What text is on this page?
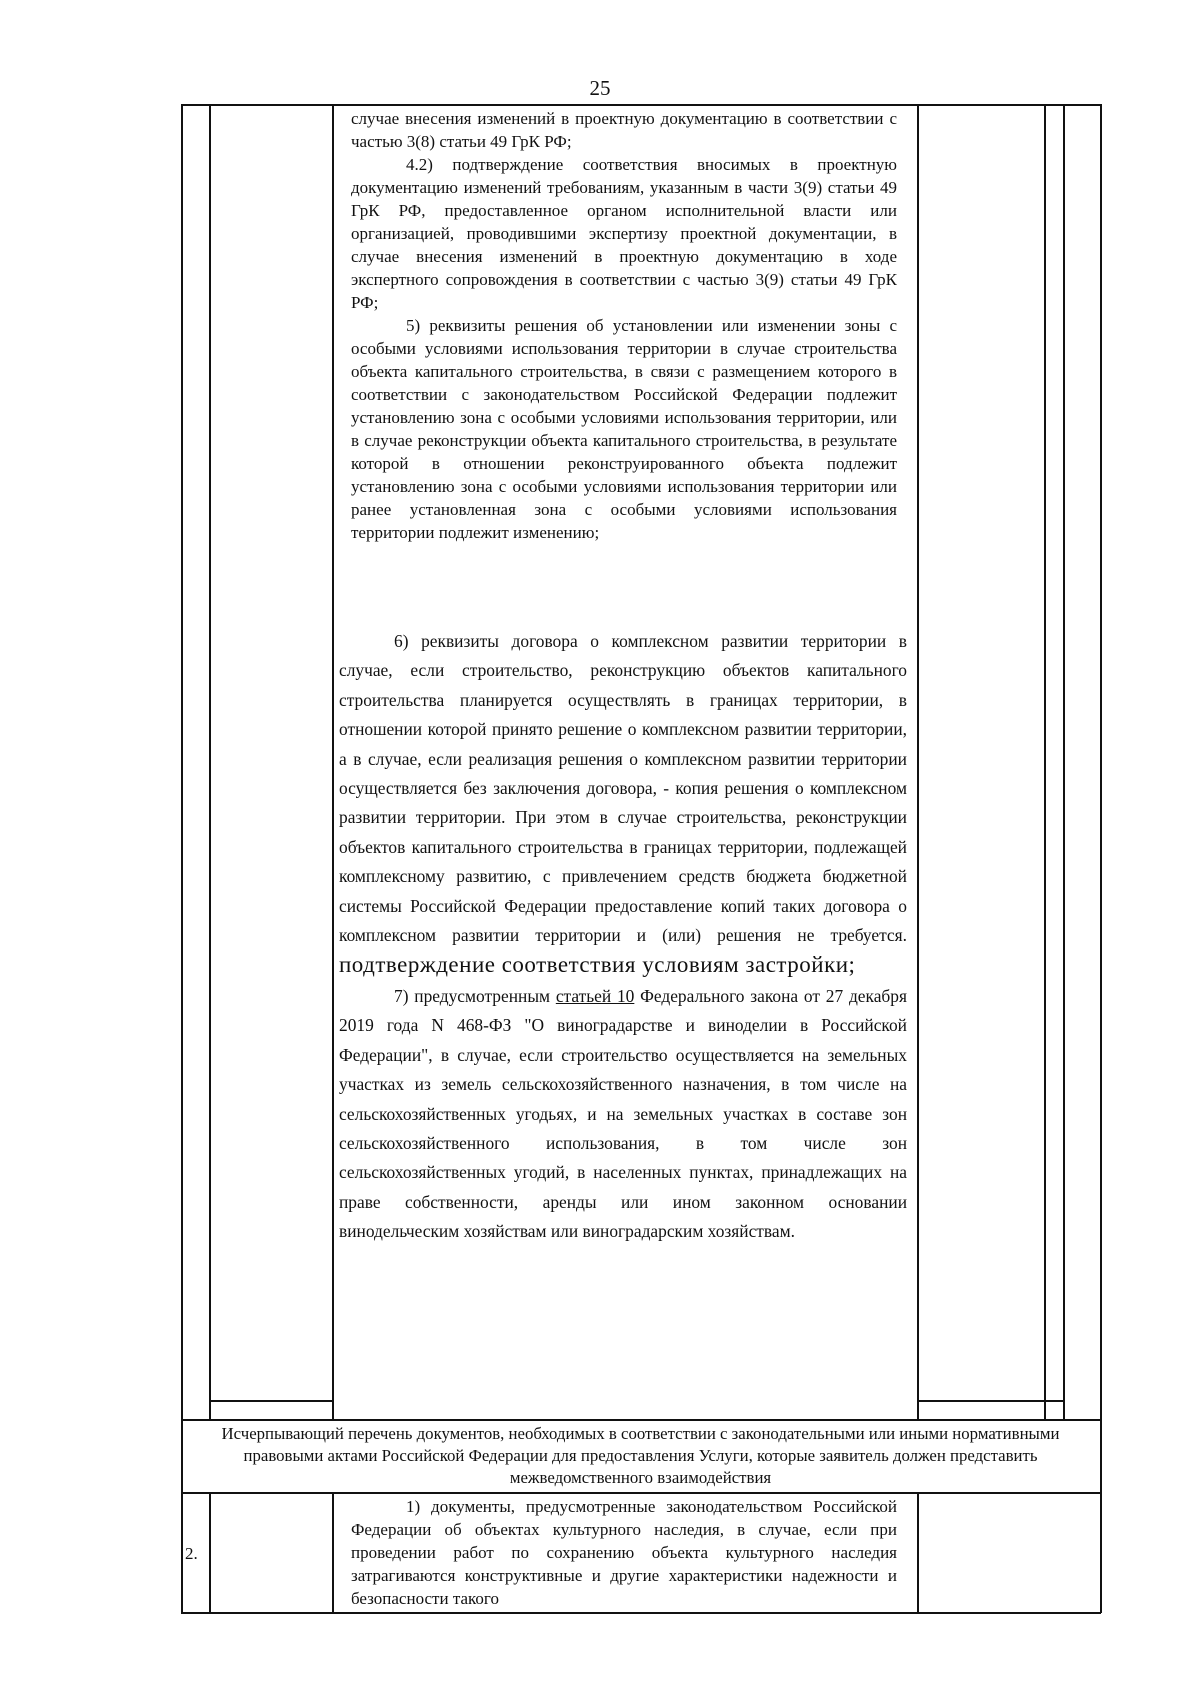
25

случае внесения изменений в проектную документацию в соответствии с частью 3(8) статьи 49 ГрК РФ;

4.2) подтверждение соответствия вносимых в проектную документацию изменений требованиям, указанным в части 3(9) статьи 49 ГрК РФ, предоставленное органом исполнительной власти или организацией, проводившими экспертизу проектной документации, в случае внесения изменений в проектную документацию в ходе экспертного сопровождения в соответствии с частью 3(9) статьи 49 ГрК РФ;

5) реквизиты решения об установлении или изменении зоны с особыми условиями использования территории в случае строительства объекта капитального строительства, в связи с размещением которого в соответствии с законодательством Российской Федерации подлежит установлению зона с особыми условиями использования территории, или в случае реконструкции объекта капитального строительства, в результате которой в отношении реконструированного объекта подлежит установлению зона с особыми условиями использования территории или ранее установленная зона с особыми условиями использования территории подлежит изменению;

6) реквизиты договора о комплексном развитии территории в случае, если строительство, реконструкцию объектов капитального строительства планируется осуществлять в границах территории, в отношении которой принято решение о комплексном развитии территории, а в случае, если реализация решения о комплексном развитии территории осуществляется без заключения договора, - копия решения о комплексном развитии территории. При этом в случае строительства, реконструкции объектов капитального строительства в границах территории, подлежащей комплексному развитию, с привлечением средств бюджета бюджетной системы Российской Федерации предоставление копий таких договора о комплексном развитии территории и (или) решения не требуется. подтверждение соответствия условиям застройки;

7) предусмотренным статьей 10 Федерального закона от 27 декабря 2019 года N 468-ФЗ "О виноградарстве и виноделии в Российской Федерации", в случае, если строительство осуществляется на земельных участках из земель сельскохозяйственного назначения, в том числе на сельскохозяйственных угодьях, и на земельных участках в составе зон сельскохозяйственного использования, в том числе зон сельскохозяйственных угодий, в населенных пунктах, принадлежащих на праве собственности, аренды или ином законном основании винодельческим хозяйствам или виноградарским хозяйствам.

Исчерпывающий перечень документов, необходимых в соответствии с законодательными или иными нормативными правовыми актами Российской Федерации для предоставления Услуги, которые заявитель должен представить межведомственного взаимодействия
2.

1) документы, предусмотренные законодательством Российской Федерации об объектах культурного наследия, в случае, если при проведении работ по сохранению объекта культурного наследия затрагиваются конструктивные и другие характеристики надежности и безопасности такого
